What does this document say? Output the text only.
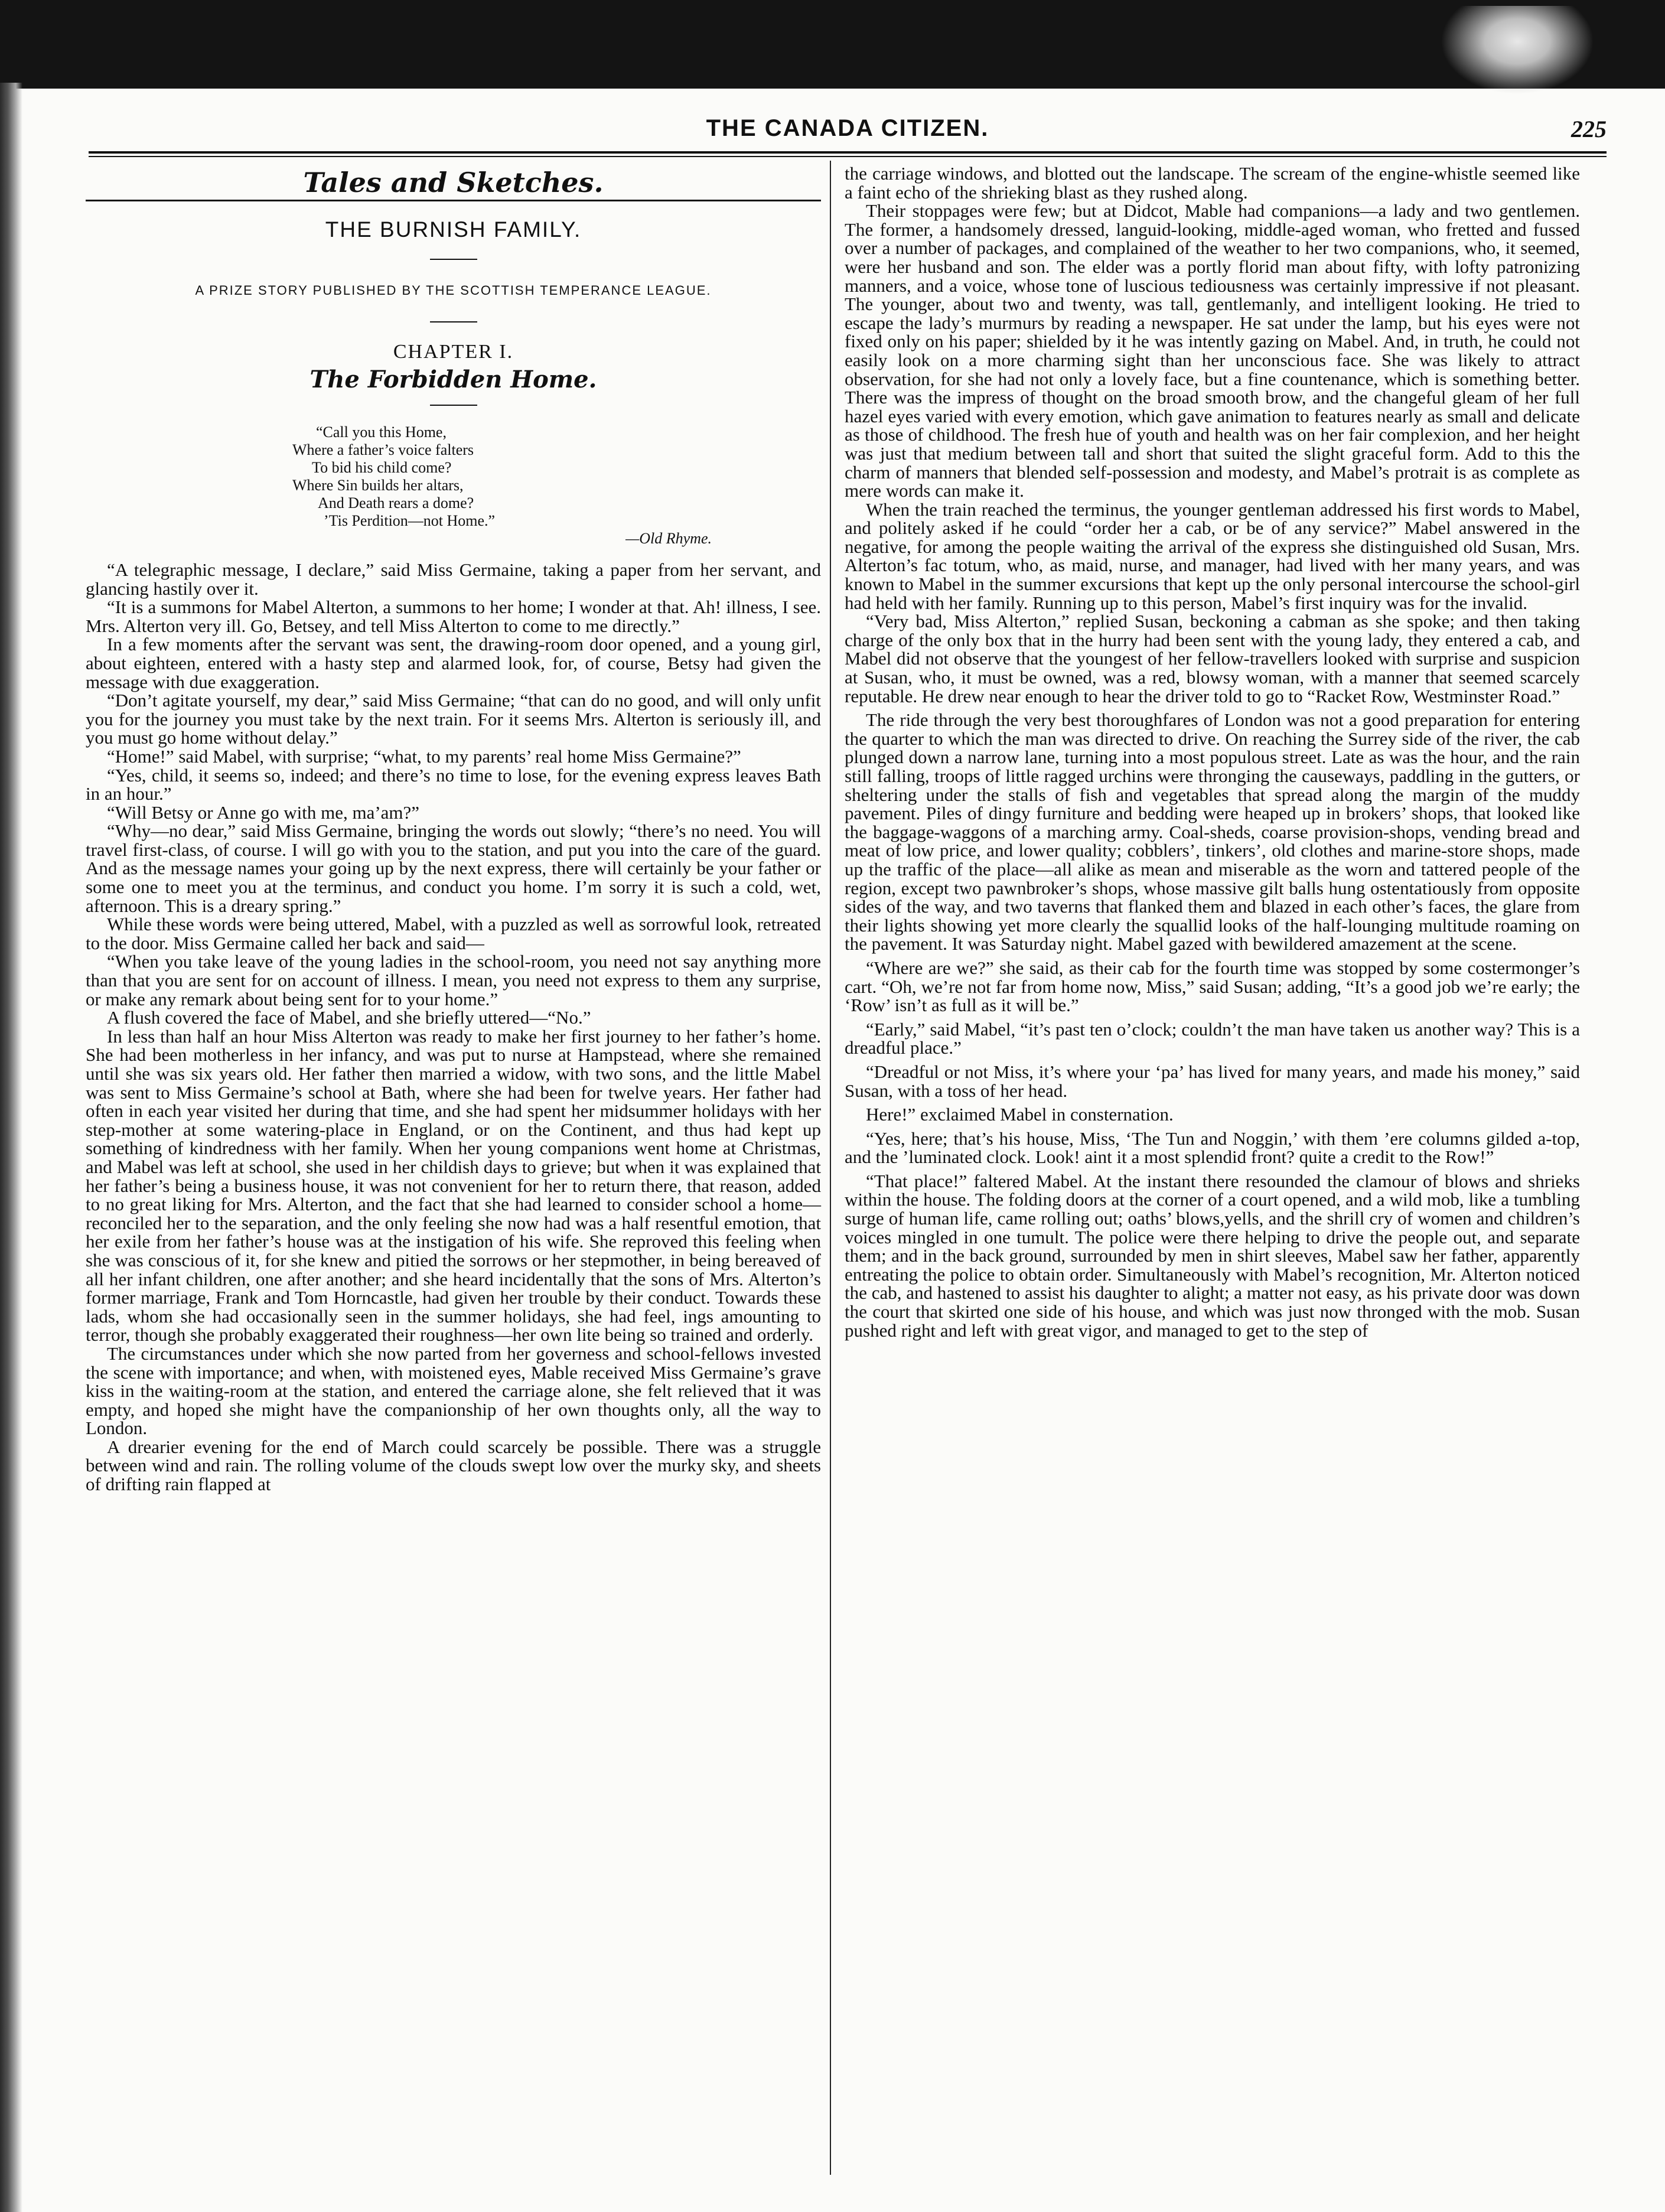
THE CANADA CITIZEN.	225
Tales and Sketches.
THE BURNISH FAMILY.
A PRIZE STORY PUBLISHED BY THE SCOTTISH TEMPERANCE LEAGUE.
CHAPTER I.
The Forbidden Home.
“Call you this Home,
Where a father’s voice falters
To bid his child come?
Where Sin builds her altars,
And Death rears a dome?
’Tis Perdition—not Home.”
—Old Rhyme.

“A telegraphic message, I declare,” said Miss Germaine, taking a paper from her servant, and glancing hastily over it.

“It is a summons for Mabel Alterton, a summons to her home; I wonder at that. Ah! illness, I see. Mrs. Alterton very ill. Go, Betsey, and tell Miss Alterton to come to me directly.”

In a few moments after the servant was sent, the drawing-room door opened, and a young girl, about eighteen, entered with a hasty step and alarmed look, for, of course, Betsy had given the message with due exaggeration.

“Don’t agitate yourself, my dear,” said Miss Germaine; “that can do no good, and will only unfit you for the journey you must take by the next train. For it seems Mrs. Alterton is seriously ill, and you must go home without delay.”

“Home!” said Mabel, with surprise; “what, to my parents’ real home Miss Germaine?”

“Yes, child, it seems so, indeed; and there’s no time to lose, for the evening express leaves Bath in an hour.”

“Will Betsy or Anne go with me, ma’am?”

“Why—no dear,” said Miss Germaine, bringing the words out slowly; “there’s no need. You will travel first-class, of course. I will go with you to the station, and put you into the care of the guard. And as the message names your going up by the next express, there will certainly be your father or some one to meet you at the terminus, and conduct you home. I’m sorry it is such a cold, wet, afternoon. This is a dreary spring.”

While these words were being uttered, Mabel, with a puzzled as well as sorrowful look, retreated to the door. Miss Germaine called her back and said—

“When you take leave of the young ladies in the school-room, you need not say anything more than that you are sent for on account of illness. I mean, you need not express to them any surprise, or make any remark about being sent for to your home.”

A flush covered the face of Mabel, and she briefly uttered—“No.”

In less than half an hour Miss Alterton was ready to make her first journey to her father’s home. She had been motherless in her infancy, and was put to nurse at Hampstead, where she remained until she was six years old. Her father then married a widow, with two sons, and the little Mabel was sent to Miss Germaine’s school at Bath, where she had been for twelve years. Her father had often in each year visited her during that time, and she had spent her midsummer holidays with her step-mother at some watering-place in England, or on the Continent, and thus had kept up something of kindredness with her family. When her young companions went home at Christmas, and Mabel was left at school, she used in her childish days to grieve; but when it was explained that her father’s being a business house, it was not convenient for her to return there, that reason, added to no great liking for Mrs. Alterton, and the fact that she had learned to consider school a home—reconciled her to the separation, and the only feeling she now had was a half resentful emotion, that her exile from her father’s house was at the instigation of his wife. She reproved this feeling when she was conscious of it, for she knew and pitied the sorrows or her stepmother, in being bereaved of all her infant children, one after another; and she heard incidentally that the sons of Mrs. Alterton’s former marriage, Frank and Tom Horncastle, had given her trouble by their conduct. Towards these lads, whom she had occasionally seen in the summer holidays, she had feel, ings amounting to terror, though she probably exaggerated their roughness—her own lite being so trained and orderly.

The circumstances under which she now parted from her governess and school-fellows invested the scene with importance; and when, with moistened eyes, Mable received Miss Germaine’s grave kiss in the waiting-room at the station, and entered the carriage alone, she felt relieved that it was empty, and hoped she might have the companionship of her own thoughts only, all the way to London.

A drearier evening for the end of March could scarcely be possible. There was a struggle between wind and rain. The rolling volume of the clouds swept low over the murky sky, and sheets of drifting rain flapped at

the carriage windows, and blotted out the landscape. The scream of the engine-whistle seemed like a faint echo of the shrieking blast as they rushed along.

Their stoppages were few; but at Didcot, Mable had companions—a lady and two gentlemen. The former, a handsomely dressed, languid-looking, middle-aged woman, who fretted and fussed over a number of packages, and complained of the weather to her two companions, who, it seemed, were her husband and son. The elder was a portly florid man about fifty, with lofty patronizing manners, and a voice, whose tone of luscious tediousness was certainly impressive if not pleasant. The younger, about two and twenty, was tall, gentlemanly, and intelligent looking. He tried to escape the lady’s murmurs by reading a newspaper. He sat under the lamp, but his eyes were not fixed only on his paper; shielded by it he was intently gazing on Mabel. And, in truth, he could not easily look on a more charming sight than her unconscious face. She was likely to attract observation, for she had not only a lovely face, but a fine countenance, which is something better. There was the impress of thought on the broad smooth brow, and the changeful gleam of her full hazel eyes varied with every emotion, which gave animation to features nearly as small and delicate as those of childhood. The fresh hue of youth and health was on her fair complexion, and her height was just that medium between tall and short that suited the slight graceful form. Add to this the charm of manners that blended self-possession and modesty, and Mabel’s protrait is as complete as mere words can make it.

When the train reached the terminus, the younger gentleman addressed his first words to Mabel, and politely asked if he could “order her a cab, or be of any service?” Mabel answered in the negative, for among the people waiting the arrival of the express she distinguished old Susan, Mrs. Alterton’s fac totum, who, as maid, nurse, and manager, had lived with her many years, and was known to Mabel in the summer excursions that kept up the only personal intercourse the school-girl had held with her family. Running up to this person, Mabel’s first inquiry was for the invalid.

“Very bad, Miss Alterton,” replied Susan, beckoning a cabman as she spoke; and then taking charge of the only box that in the hurry had been sent with the young lady, they entered a cab, and Mabel did not observe that the youngest of her fellow-travellers looked with surprise and suspicion at Susan, who, it must be owned, was a red, blowsy woman, with a manner that seemed scarcely reputable. He drew near enough to hear the driver told to go to “Racket Row, Westminster Road.”

The ride through the very best thoroughfares of London was not a good preparation for entering the quarter to which the man was directed to drive. On reaching the Surrey side of the river, the cab plunged down a narrow lane, turning into a most populous street. Late as was the hour, and the rain still falling, troops of little ragged urchins were thronging the causeways, paddling in the gutters, or sheltering under the stalls of fish and vegetables that spread along the margin of the muddy pavement. Piles of dingy furniture and bedding were heaped up in brokers’ shops, that looked like the baggage-waggons of a marching army. Coal-sheds, coarse provision-shops, vending bread and meat of low price, and lower quality; cobblers’, tinkers’, old clothes and marine-store shops, made up the traffic of the place—all alike as mean and miserable as the worn and tattered people of the region, except two pawnbroker’s shops, whose massive gilt balls hung ostentatiously from opposite sides of the way, and two taverns that flanked them and blazed in each other’s faces, the glare from their lights showing yet more clearly the squallid looks of the half-lounging multitude roaming on the pavement. It was Saturday night. Mabel gazed with bewildered amazement at the scene.

“Where are we?” she said, as their cab for the fourth time was stopped by some costermonger’s cart. “Oh, we’re not far from home now, Miss,” said Susan; adding, “It’s a good job we’re early; the ‘Row’ isn’t as full as it will be.”

“Early,” said Mabel, “it’s past ten o’clock; couldn’t the man have taken us another way? This is a dreadful place.”

“Dreadful or not Miss, it’s where your ‘pa’ has lived for many years, and made his money,” said Susan, with a toss of her head.

Here!” exclaimed Mabel in consternation.

“Yes, here; that’s his house, Miss, ‘The Tun and Noggin,’ with them ’ere columns gilded a-top, and the ’luminated clock. Look! aint it a most splendid front? quite a credit to the Row!”

“That place!” faltered Mabel. At the instant there resounded the clamour of blows and shrieks within the house. The folding doors at the corner of a court opened, and a wild mob, like a tumbling surge of human life, came rolling out; oaths’ blows,yells, and the shrill cry of women and children’s voices mingled in one tumult. The police were there helping to drive the people out, and separate them; and in the back ground, surrounded by men in shirt sleeves, Mabel saw her father, apparently entreating the police to obtain order. Simultaneously with Mabel’s recognition, Mr. Alterton noticed the cab, and hastened to assist his daughter to alight; a matter not easy, as his private door was down the court that skirted one side of his house, and which was just now thronged with the mob. Susan pushed right and left with great vigor, and managed to get to the step of
